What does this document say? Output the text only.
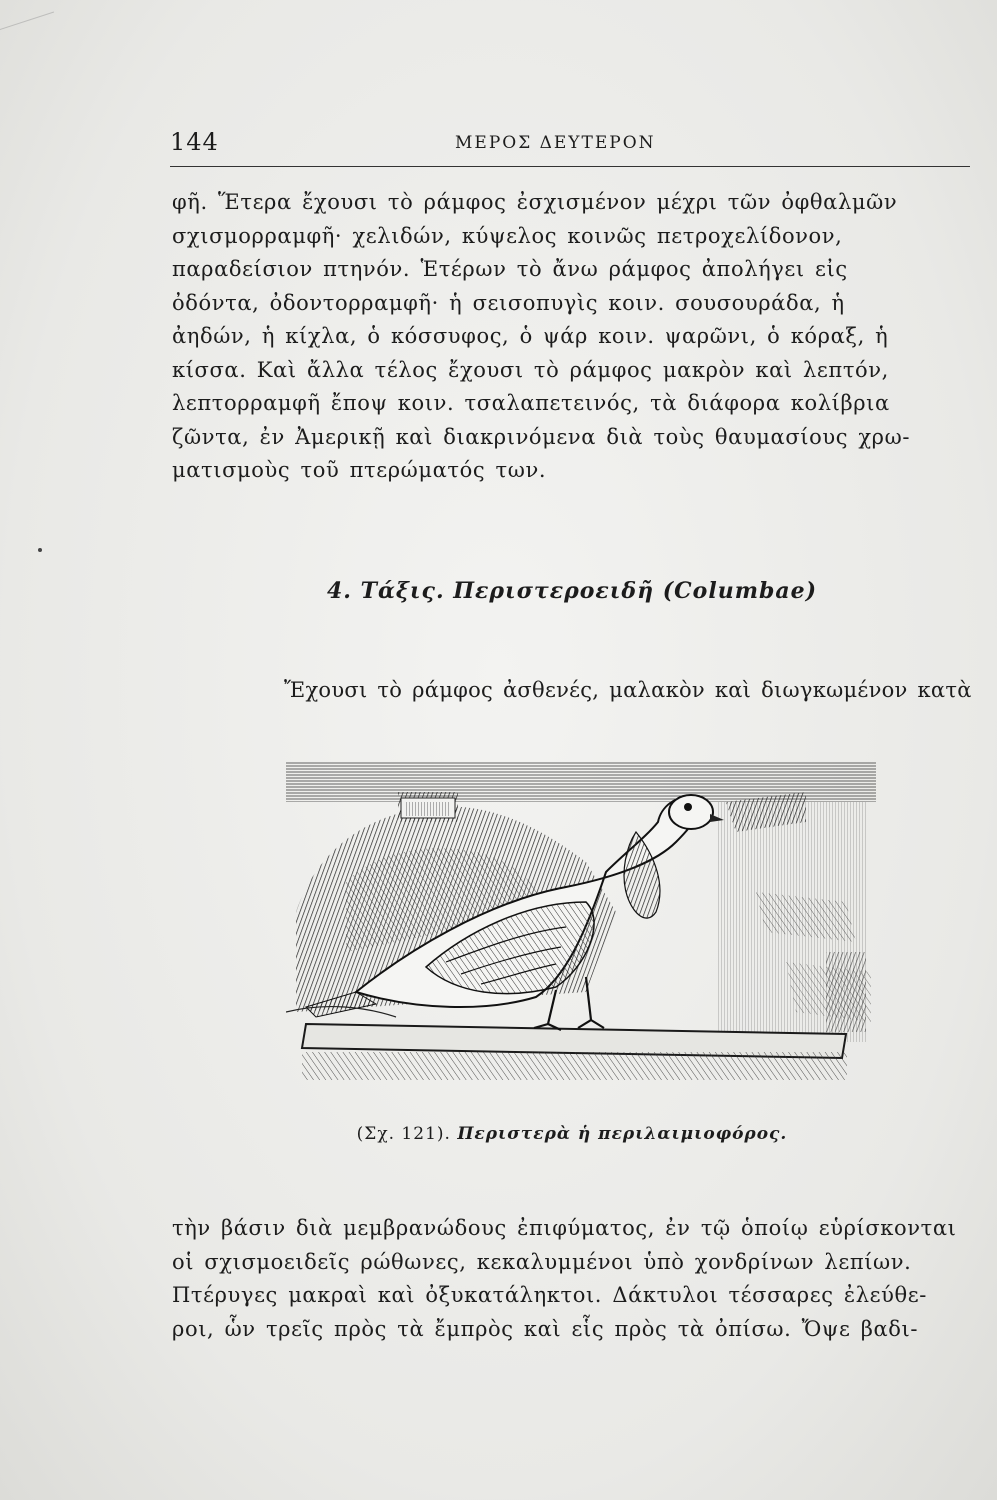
144	ΜΕΡΟΣ ΔΕΥΤΕΡΟΝ
φῆ. Ἕτερα ἔχουσι τὸ ράμφος ἐσχισμένον μέχρι τῶν ὀφθαλμῶν
σχισμορραμφῆ· χελιδών, κύψελος κοινῶς πετροχελίδονον,
παραδείσιον πτηνόν. Ἑτέρων τὸ ἄνω ράμφος ἀπολήγει εἰς
ὀδόντα, ὀδοντορραμφῆ· ἡ σεισοπυγὶς κοιν. σουσουράδα, ἡ
ἀηδών, ἡ κίχλα, ὁ κόσσυφος, ὁ ψάρ κοιν. ψαρῶνι, ὁ κόραξ, ἡ
κίσσα. Καὶ ἄλλα τέλος ἔχουσι τὸ ράμφος μακρὸν καὶ λεπτόν,
λεπτορραμφῆ ἔποψ κοιν. τσαλαπετεινός, τὰ διάφορα κολίβρια
ζῶντα, ἐν Ἀμερικῇ καὶ διακρινόμενα διὰ τοὺς θαυμασίους χρω-
ματισμοὺς τοῦ πτερώματός των.
4. Τάξις. Περιστεροειδῆ (Columbae)
Ἔχουσι τὸ ράμφος ἀσθενές, μαλακὸν καὶ διωγκωμένον κατὰ
(Σχ. 121). Περιστερὰ ἡ περιλαιμιοφόρος.
τὴν βάσιν διὰ μεμβρανώδους ἐπιφύματος, ἐν τῷ ὁποίῳ εὑρίσκονται
οἱ σχισμοειδεῖς ρώθωνες, κεκαλυμμένοι ὑπὸ χονδρίνων λεπίων.
Πτέρυγες μακραὶ καὶ ὀξυκατάληκτοι. Δάκτυλοι τέσσαρες ἐλεύθε-
ροι, ὧν τρεῖς πρὸς τὰ ἔμπρὸς καὶ εἷς πρὸς τὰ ὀπίσω. Ὄψε βαδι-
